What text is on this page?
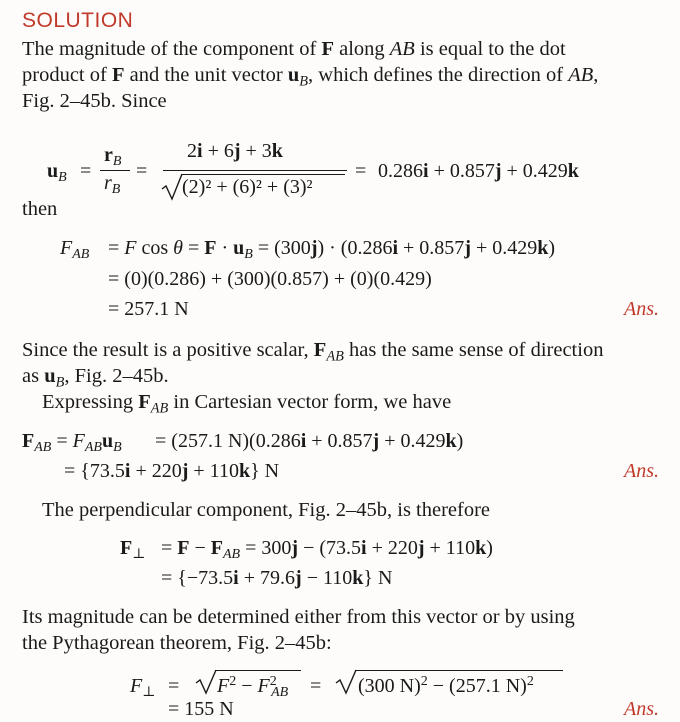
SOLUTION
The magnitude of the component of F along AB is equal to the dot
product of F and the unit vector $u_B$, which defines the direction of AB,
Fig. 2–45b. Since
$u_B$ =
$r_B$
$r_B$
=
2i + 6j + 3k
(2)² + (6)² + (3)²
= 0.286i + 0.857j + 0.429k
then
$F_{AB} = F$ $\cos \theta = F \cdot u_B = (300j) \cdot (0.286i + 0.857j + 0.429k)$
= (0)(0.286) + (300)(0.857) + (0)(0.429)
= 257.1 N	Ans.
Since the result is a positive scalar, $F_{AB}$ has the same sense of direction
as $u_B$, Fig. 2–45b.
Expressing $F_{AB}$ in Cartesian vector form, we have
$F_{AB} = F_{AB}u_B = (257.1$ N)(0.286i + 0.857j + 0.429k)
= {73.5i + 220j + 110k} N	Ans.
The perpendicular component, Fig. 2–45b, is therefore
$F_\perp = F - F_{AB} = 300j - (73.5i + 220j + 110k)$
= {−73.5i + 79.6j − 110k} N
Its magnitude can be determined either from this vector or by using
the Pythagorean theorem, Fig. 2–45b:
$F_\perp = F^2 - F^2_{AB} = (300$ N)$^2$ − (257.1 N)$^2$
= 155 N	Ans.
